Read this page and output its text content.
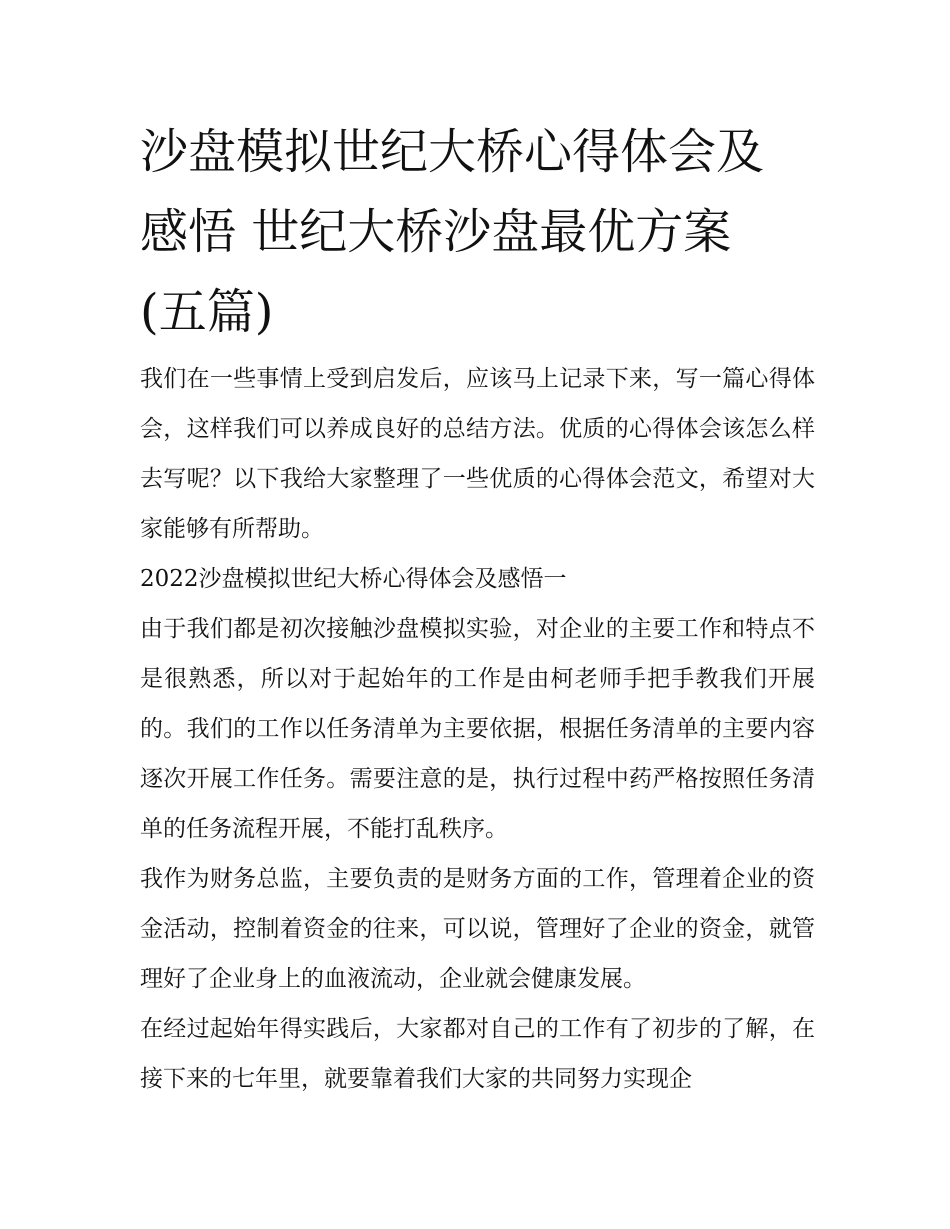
沙盘模拟世纪大桥心得体会及
感悟 世纪大桥沙盘最优方案
(五篇)

我们在一些事情上受到启发后，应该马上记录下来，写一篇心得体会，这样我们可以养成良好的总结方法。优质的心得体会该怎么样去写呢？以下我给大家整理了一些优质的心得体会范文，希望对大家能够有所帮助。

2022沙盘模拟世纪大桥心得体会及感悟一

由于我们都是初次接触沙盘模拟实验，对企业的主要工作和特点不是很熟悉，所以对于起始年的工作是由柯老师手把手教我们开展的。我们的工作以任务清单为主要依据，根据任务清单的主要内容逐次开展工作任务。需要注意的是，执行过程中药严格按照任务清单的任务流程开展，不能打乱秩序。

我作为财务总监，主要负责的是财务方面的工作，管理着企业的资金活动，控制着资金的往来，可以说，管理好了企业的资金，就管理好了企业身上的血液流动，企业就会健康发展。

在经过起始年得实践后，大家都对自己的工作有了初步的了解，在接下来的七年里，就要靠着我们大家的共同努力实现企
